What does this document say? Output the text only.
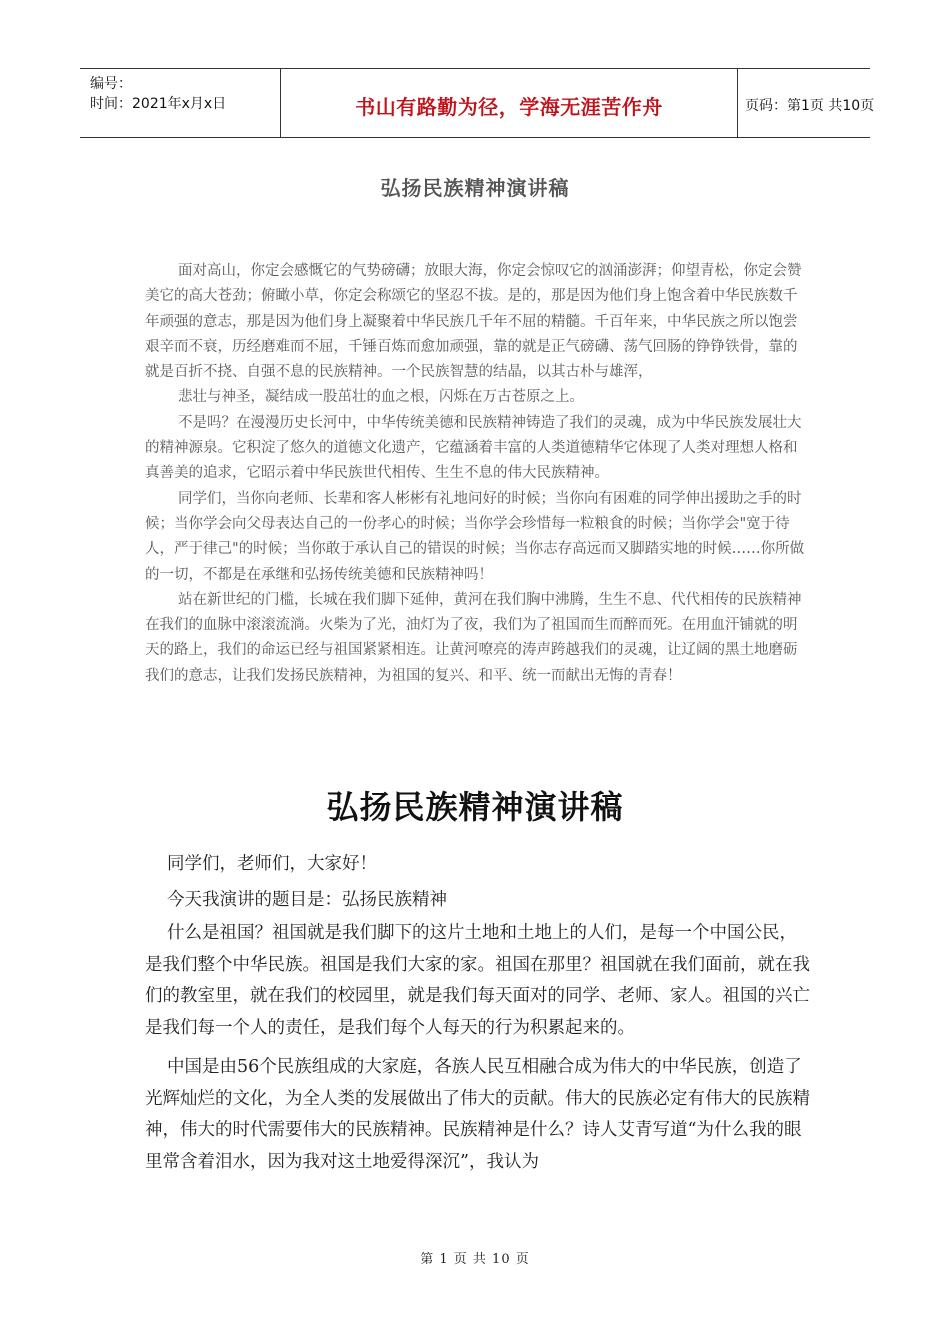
编号：
时间：2021年x月x日	书山有路勤为径，学海无涯苦作舟	页码：第1页 共10页
弘扬民族精神演讲稿

面对高山，你定会感慨它的气势磅礴；放眼大海，你定会惊叹它的汹涌澎湃；仰望青松，你定会赞美它的高大苍劲；俯瞰小草，你定会称颂它的坚忍不拔。是的，那是因为他们身上饱含着中华民族数千年顽强的意志，那是因为他们身上凝聚着中华民族几千年不屈的精髓。千百年来，中华民族之所以饱尝艰辛而不衰，历经磨难而不屈，千锤百炼而愈加顽强，靠的就是正气磅礴、荡气回肠的铮铮铁骨，靠的就是百折不挠、自强不息的民族精神。一个民族智慧的结晶，以其古朴与雄浑，

悲壮与神圣，凝结成一股茁壮的血之根，闪烁在万古苍原之上。

不是吗？在漫漫历史长河中，中华传统美德和民族精神铸造了我们的灵魂，成为中华民族发展壮大的精神源泉。它积淀了悠久的道德文化遗产，它蕴涵着丰富的人类道德精华它体现了人类对理想人格和真善美的追求，它昭示着中华民族世代相传、生生不息的伟大民族精神。

同学们，当你向老师、长辈和客人彬彬有礼地问好的时候；当你向有困难的同学伸出援助之手的时候；当你学会向父母表达自己的一份孝心的时候；当你学会珍惜每一粒粮食的时候；当你学会"宽于待人，严于律己"的时候；当你敢于承认自己的错误的时候；当你志存高远而又脚踏实地的时候……你所做的一切，不都是在承继和弘扬传统美德和民族精神吗！

站在新世纪的门槛，长城在我们脚下延伸，黄河在我们胸中沸腾，生生不息、代代相传的民族精神在我们的血脉中滚滚流淌。火柴为了光，油灯为了夜，我们为了祖国而生而醉而死。在用血汗铺就的明天的路上，我们的命运已经与祖国紧紧相连。让黄河嘹亮的涛声跨越我们的灵魂，让辽阔的黑土地磨砺我们的意志，让我们发扬民族精神，为祖国的复兴、和平、统一而献出无悔的青春！

弘扬民族精神演讲稿

同学们，老师们，大家好！

今天我演讲的题目是：弘扬民族精神

什么是祖国？祖国就是我们脚下的这片土地和土地上的人们，是每一个中国公民，是我们整个中华民族。祖国是我们大家的家。祖国在那里？祖国就在我们面前，就在我们的教室里，就在我们的校园里，就是我们每天面对的同学、老师、家人。祖国的兴亡是我们每一个人的责任，是我们每个人每天的行为积累起来的。

中国是由56个民族组成的大家庭，各族人民互相融合成为伟大的中华民族，创造了光辉灿烂的文化，为全人类的发展做出了伟大的贡献。伟大的民族必定有伟大的民族精神，伟大的时代需要伟大的民族精神。民族精神是什么？诗人艾青写道“为什么我的眼里常含着泪水，因为我对这土地爱得深沉”，我认为

第 1 页 共 10 页
